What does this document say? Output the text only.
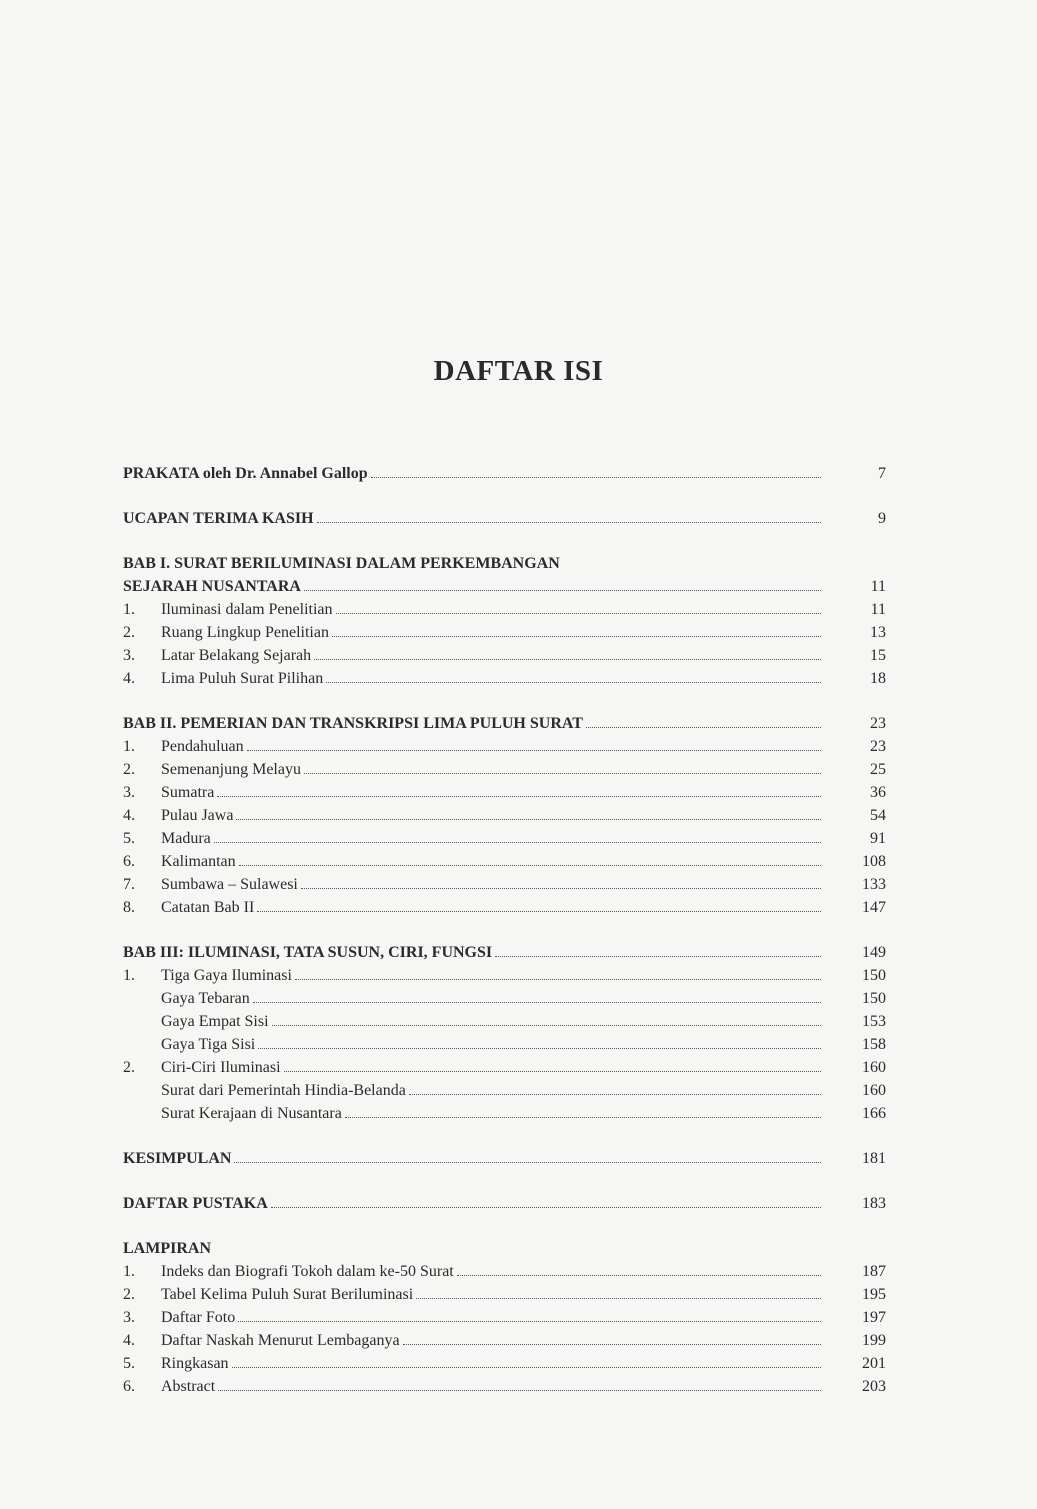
DAFTAR ISI
PRAKATA oleh Dr. Annabel Gallop	7
UCAPAN TERIMA KASIH	9
BAB I. SURAT BERILUMINASI DALAM PERKEMBANGAN
SEJARAH NUSANTARA	11
1.	Iluminasi dalam Penelitian	11
2.	Ruang Lingkup Penelitian	13
3.	Latar Belakang Sejarah	15
4.	Lima Puluh Surat Pilihan	18
BAB II. PEMERIAN DAN TRANSKRIPSI LIMA PULUH SURAT	23
1.	Pendahuluan	23
2.	Semenanjung Melayu	25
3.	Sumatra	36
4.	Pulau Jawa	54
5.	Madura	91
6.	Kalimantan	108
7.	Sumbawa – Sulawesi	133
8.	Catatan Bab II	147
BAB III: ILUMINASI, TATA SUSUN, CIRI, FUNGSI	149
1.	Tiga Gaya Iluminasi	150
Gaya Tebaran	150
Gaya Empat Sisi	153
Gaya Tiga Sisi	158
2.	Ciri-Ciri Iluminasi	160
Surat dari Pemerintah Hindia-Belanda	160
Surat Kerajaan di Nusantara	166
KESIMPULAN	181
DAFTAR PUSTAKA	183
LAMPIRAN
1.	Indeks dan Biografi Tokoh dalam ke-50 Surat	187
2.	Tabel Kelima Puluh Surat Beriluminasi	195
3.	Daftar Foto	197
4.	Daftar Naskah Menurut Lembaganya	199
5.	Ringkasan	201
6.	Abstract	203
